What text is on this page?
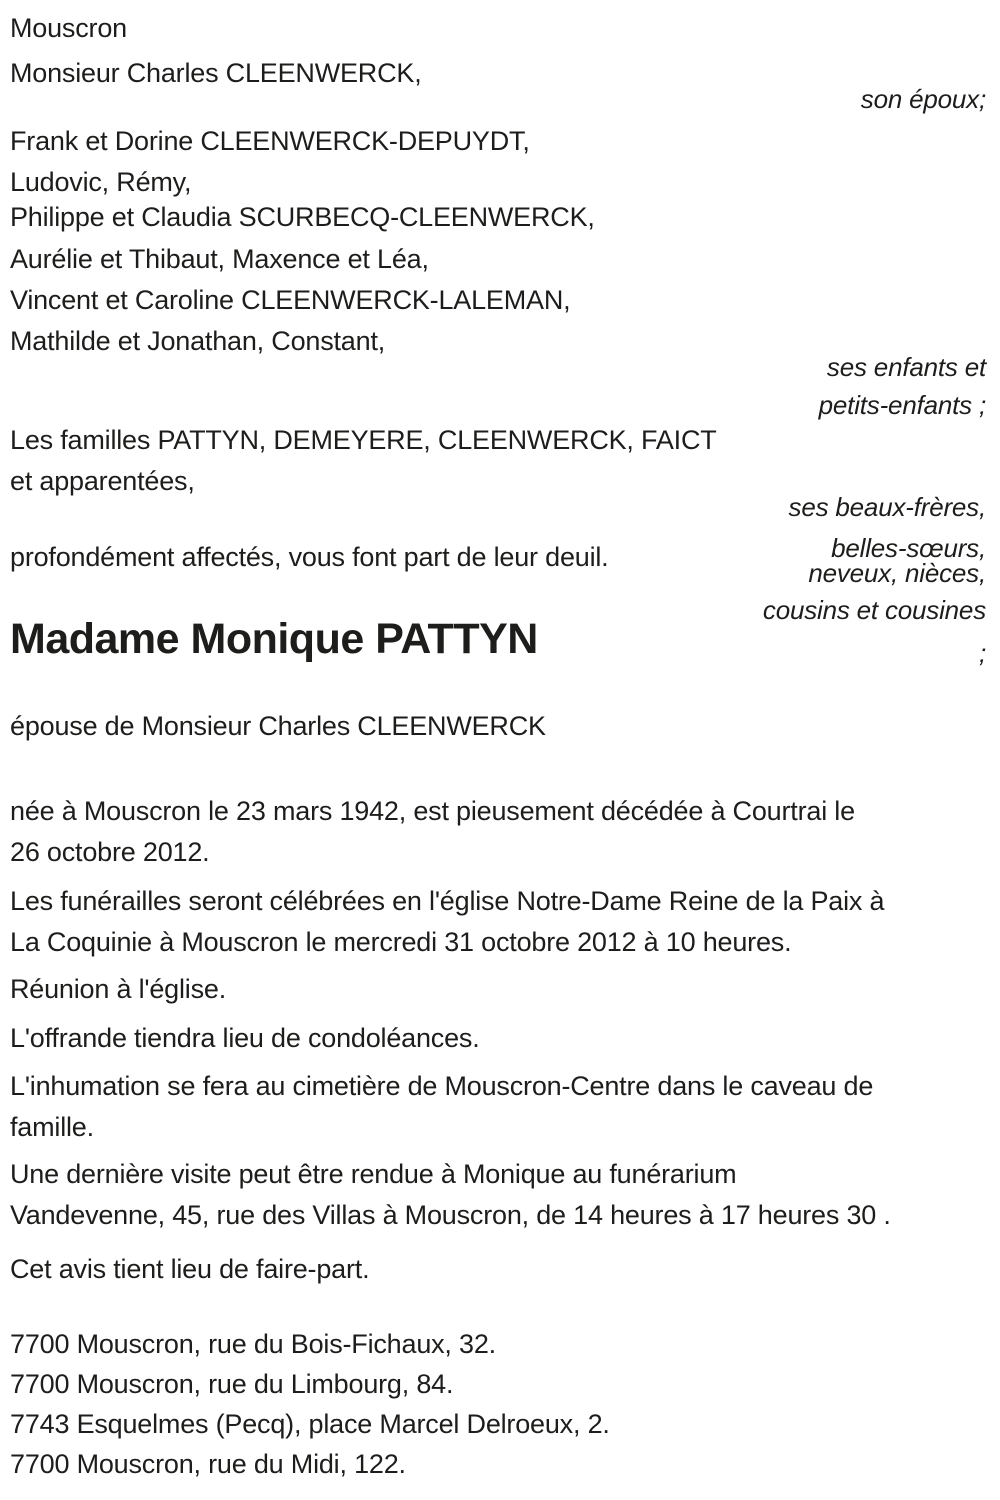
Mouscron
Monsieur Charles CLEENWERCK,
Frank et Dorine CLEENWERCK-DEPUYDT,
Ludovic, Rémy,
Philippe et Claudia SCURBECQ-CLEENWERCK,
Aurélie et Thibaut, Maxence et Léa,
Vincent et Caroline CLEENWERCK-LALEMAN,
Mathilde et Jonathan, Constant,
Les familles PATTYN, DEMEYERE, CLEENWERCK, FAICT
et apparentées,
profondément affectés, vous font part de leur deuil.
son époux;
ses enfants et
petits-enfants ;
ses beaux-frères,
belles-sœurs,
neveux, nièces,
cousins et cousines
;
Madame Monique PATTYN
épouse de Monsieur Charles CLEENWERCK
née à Mouscron le 23 mars 1942, est pieusement décédée à Courtrai le
26 octobre 2012.
Les funérailles seront célébrées en l'église Notre-Dame Reine de la Paix à
La Coquinie à Mouscron le mercredi 31 octobre 2012 à 10 heures.
Réunion à l'église.
L'offrande tiendra lieu de condoléances.
L'inhumation se fera au cimetière de Mouscron-Centre dans le caveau de
famille.
Une dernière visite peut être rendue à Monique au funérarium
Vandevenne, 45, rue des Villas à Mouscron, de 14 heures à 17 heures 30 .
Cet avis tient lieu de faire-part.
7700 Mouscron, rue du Bois-Fichaux, 32.
7700 Mouscron, rue du Limbourg, 84.
7743 Esquelmes (Pecq), place Marcel Delroeux, 2.
7700 Mouscron, rue du Midi, 122.
